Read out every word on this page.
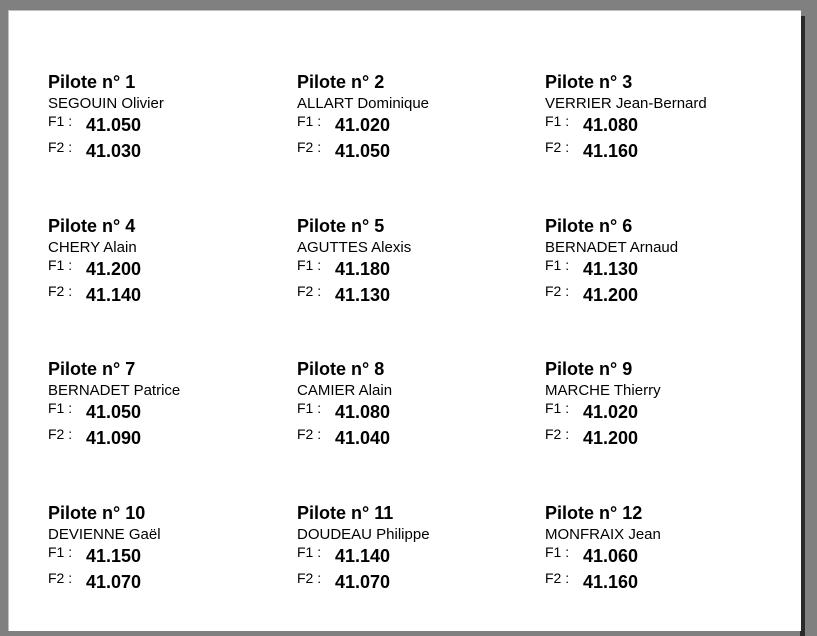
Pilote n° 1
SEGOUIN Olivier
F1 : 41.050
F2 : 41.030
Pilote n° 2
ALLART Dominique
F1 : 41.020
F2 : 41.050
Pilote n° 3
VERRIER Jean-Bernard
F1 : 41.080
F2 : 41.160
Pilote n° 4
CHERY Alain
F1 : 41.200
F2 : 41.140
Pilote n° 5
AGUTTES Alexis
F1 : 41.180
F2 : 41.130
Pilote n° 6
BERNADET Arnaud
F1 : 41.130
F2 : 41.200
Pilote n° 7
BERNADET Patrice
F1 : 41.050
F2 : 41.090
Pilote n° 8
CAMIER Alain
F1 : 41.080
F2 : 41.040
Pilote n° 9
MARCHE Thierry
F1 : 41.020
F2 : 41.200
Pilote n° 10
DEVIENNE Gaël
F1 : 41.150
F2 : 41.070
Pilote n° 11
DOUDEAU Philippe
F1 : 41.140
F2 : 41.070
Pilote n° 12
MONFRAIX Jean
F1 : 41.060
F2 : 41.160
